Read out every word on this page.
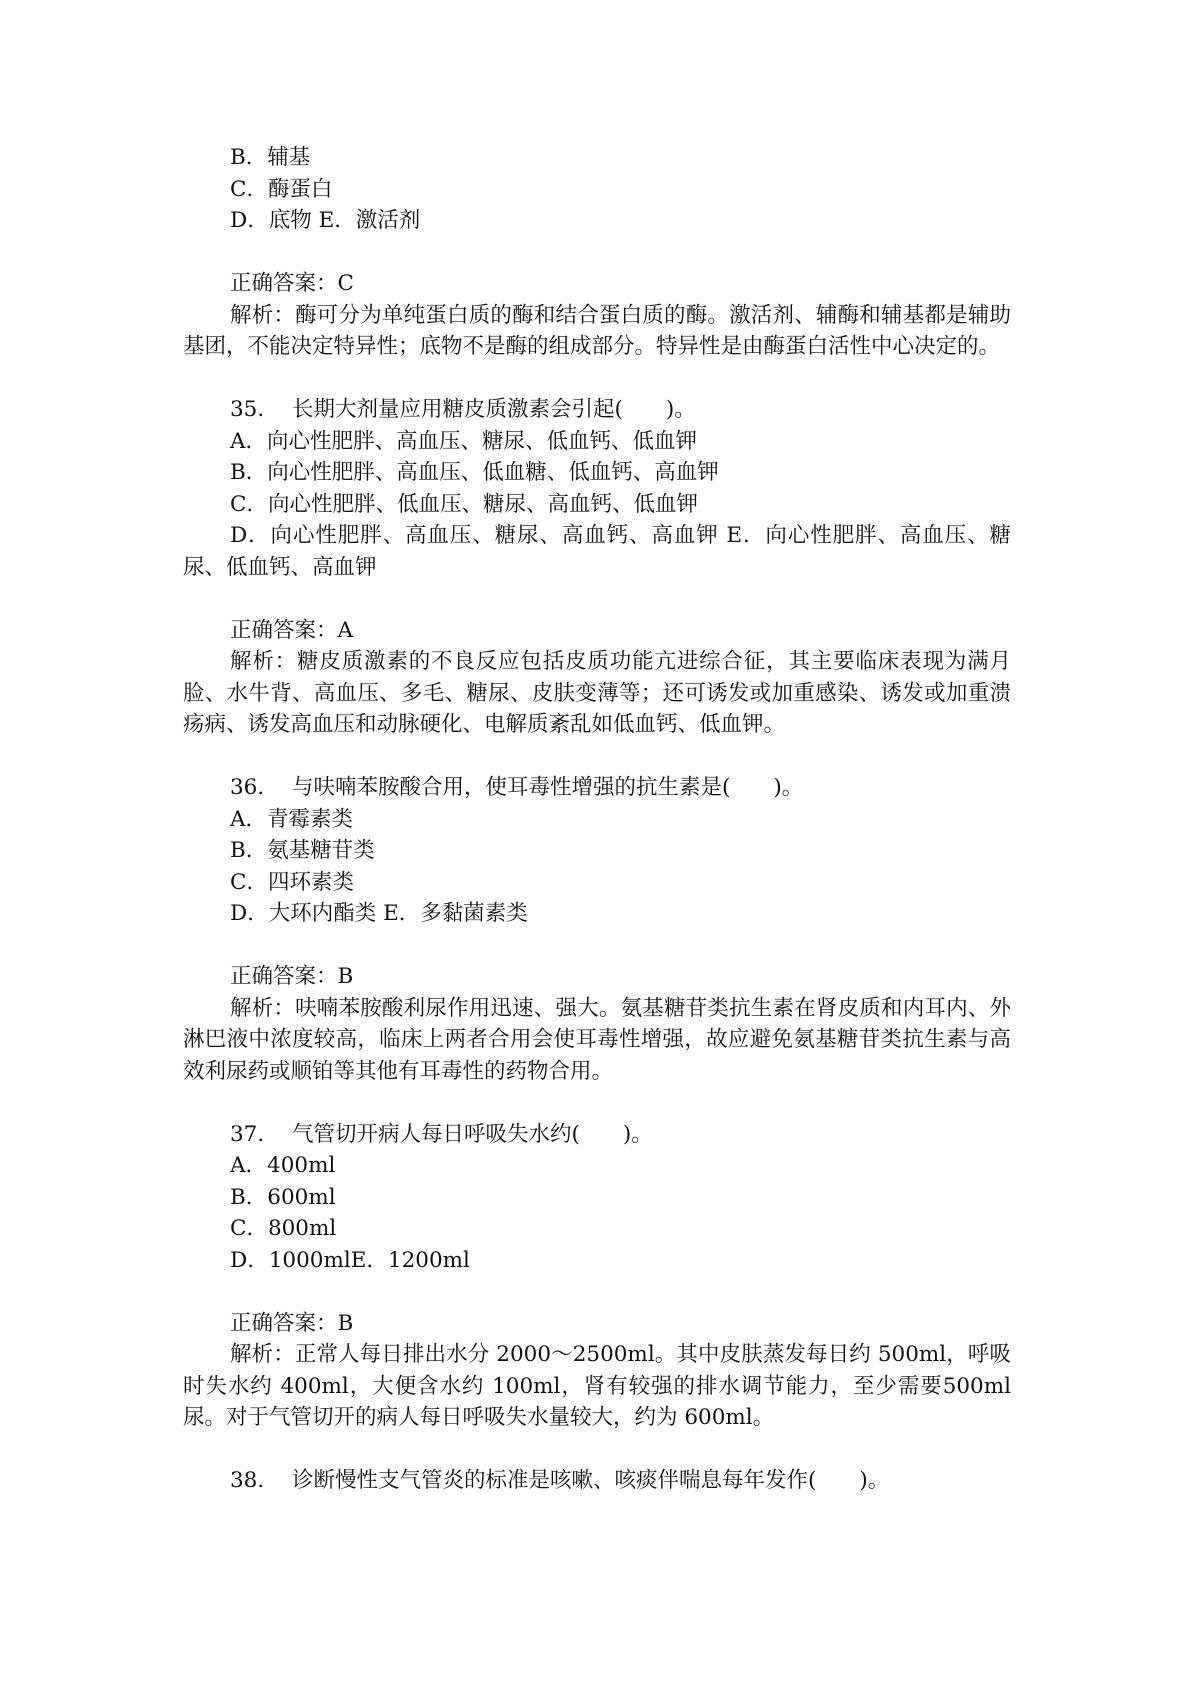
B．辅基
C．酶蛋白
D．底物 E．激活剂
正确答案：C
解析：酶可分为单纯蛋白质的酶和结合蛋白质的酶。激活剂、辅酶和辅基都是辅助基团，不能决定特异性；底物不是酶的组成部分。特异性是由酶蛋白活性中心决定的。
35. 长期大剂量应用糖皮质激素会引起(　　)。
A．向心性肥胖、高血压、糖尿、低血钙、低血钾
B．向心性肥胖、高血压、低血糖、低血钙、高血钾
C．向心性肥胖、低血压、糖尿、高血钙、低血钾
D．向心性肥胖、高血压、糖尿、高血钙、高血钾 E．向心性肥胖、高血压、糖尿、低血钙、高血钾
正确答案：A
解析：糖皮质激素的不良反应包括皮质功能亢进综合征，其主要临床表现为满月脸、水牛背、高血压、多毛、糖尿、皮肤变薄等；还可诱发或加重感染、诱发或加重溃疡病、诱发高血压和动脉硬化、电解质紊乱如低血钙、低血钾。
36. 与呋喃苯胺酸合用，使耳毒性增强的抗生素是(　　)。
A．青霉素类
B．氨基糖苷类
C．四环素类
D．大环内酯类 E．多黏菌素类
正确答案：B
解析：呋喃苯胺酸利尿作用迅速、强大。氨基糖苷类抗生素在肾皮质和内耳内、外淋巴液中浓度较高，临床上两者合用会使耳毒性增强，故应避免氨基糖苷类抗生素与高效利尿药或顺铂等其他有耳毒性的药物合用。
37. 气管切开病人每日呼吸失水约(　　)。
A．400ml
B．600ml
C．800ml
D．1000mlE．1200ml
正确答案：B
解析：正常人每日排出水分 2000～2500ml。其中皮肤蒸发每日约 500ml，呼吸时失水约 400ml，大便含水约 100ml，肾有较强的排水调节能力，至少需要500ml 尿。对于气管切开的病人每日呼吸失水量较大，约为 600ml。
38. 诊断慢性支气管炎的标准是咳嗽、咳痰伴喘息每年发作(　　)。
